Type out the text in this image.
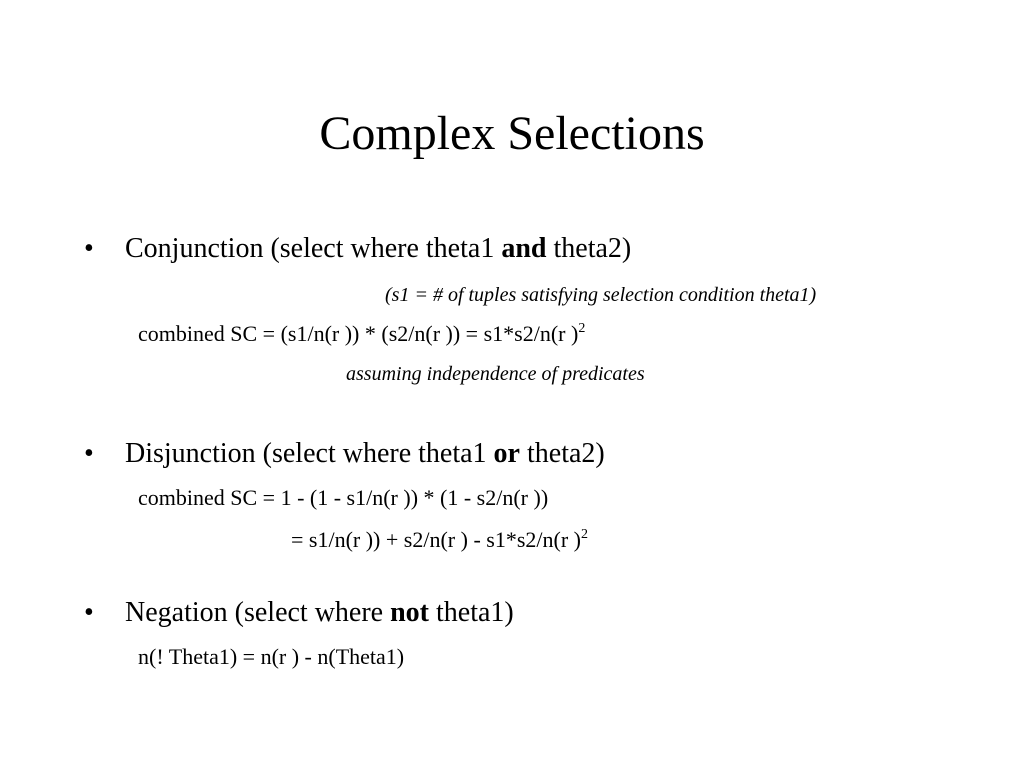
Complex Selections
• Conjunction (select where theta1 and theta2)
(s1 = # of tuples satisfying selection condition theta1)
combined SC = (s1/n(r )) * (s2/n(r )) = s1*s2/n(r )$^2$
assuming independence of predicates
• Disjunction (select where theta1 or theta2)
combined SC = 1 - (1 - s1/n(r )) * (1 - s2/n(r ))
= s1/n(r )) + s2/n(r ) - s1*s2/n(r )$^2$
• Negation (select where not theta1)
n(! Theta1) = n(r ) - n(Theta1)
